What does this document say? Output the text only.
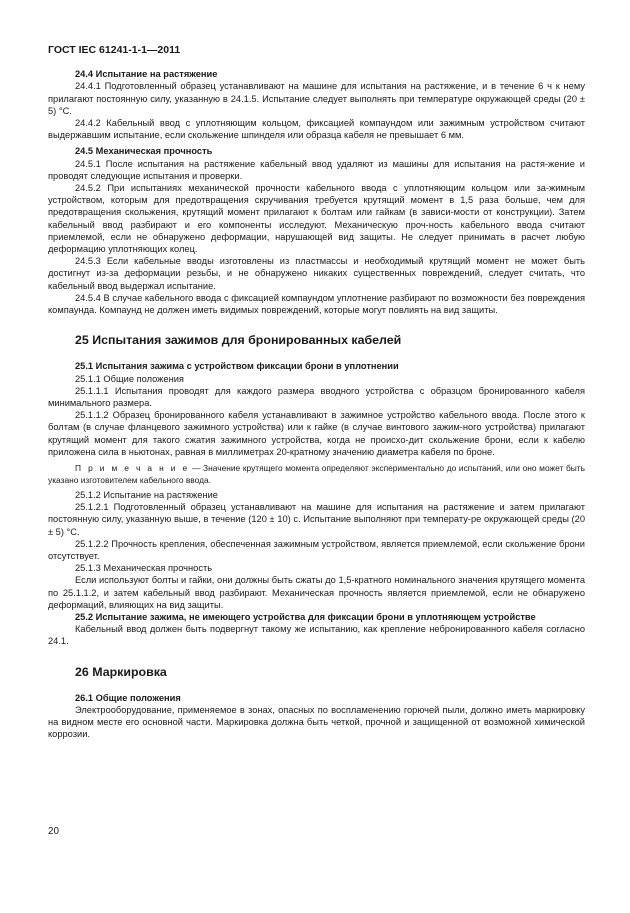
ГОСТ IEC 61241-1-1—2011

24.4 Испытание на растяжение

24.4.1 Подготовленный образец устанавливают на машине для испытания на растяжение, и в течение 6 ч к нему прилагают постоянную силу, указанную в 24.1.5. Испытание следует выполнять при температуре окружающей среды (20 ± 5) °С.

24.4.2 Кабельный ввод с уплотняющим кольцом, фиксацией компаундом или зажимным устройством считают выдержавшим испытание, если скольжение шпинделя или образца кабеля не превышает 6 мм.

24.5 Механическая прочность

24.5.1 После испытания на растяжение кабельный ввод удаляют из машины для испытания на растя-жение и проводят следующие испытания и проверки.

24.5.2 При испытаниях механической прочности кабельного ввода с уплотняющим кольцом или за-жимным устройством, которым для предотвращения скручивания требуется крутящий момент в 1,5 раза больше, чем для предотвращения скольжения, крутящий момент прилагают к болтам или гайкам (в зависи-мости от конструкции). Затем кабельный ввод разбирают и его компоненты исследуют. Механическую проч-ность кабельного ввода считают приемлемой, если не обнаружено деформации, нарушающей вид защиты. Не следует принимать в расчет любую деформацию уплотняющих колец.

24.5.3 Если кабельные вводы изготовлены из пластмассы и необходимый крутящий момент не может быть достигнут из-за деформации резьбы, и не обнаружено никаких существенных повреждений, следует считать, что кабельный ввод выдержал испытание.

24.5.4 В случае кабельного ввода с фиксацией компаундом уплотнение разбирают по возможности без повреждения компаунда. Компаунд не должен иметь видимых повреждений, которые могут повлиять на вид защиты.

25 Испытания зажимов для бронированных кабелей

25.1 Испытания зажима с устройством фиксации брони в уплотнении

25.1.1 Общие положения

25.1.1.1 Испытания проводят для каждого размера вводного устройства с образцом бронированного кабеля минимального размера.

25.1.1.2 Образец бронированного кабеля устанавливают в зажимное устройство кабельного ввода. После этого к болтам (в случае фланцевого зажимного устройства) или к гайке (в случае винтового зажим-ного устройства) прилагают крутящий момент для такого сжатия зажимного устройства, когда не происхо-дит скольжение брони, если к кабелю приложена сила в ньютонах, равная в миллиметрах 20-кратному значению диаметра кабеля по броне.

П р и м е ч а н и е — Значение крутящего момента определяют экспериментально до испытаний, или оно может быть указано изготовителем кабельного ввода.

25.1.2 Испытание на растяжение

25.1.2.1 Подготовленный образец устанавливают на машине для испытания на растяжение и затем прилагают постоянную силу, указанную выше, в течение (120 ± 10) с. Испытание выполняют при температу-ре окружающей среды (20 ± 5) °С.

25.1.2.2 Прочность крепления, обеспеченная зажимным устройством, является приемлемой, если скольжение брони отсутствует.

25.1.3 Механическая прочность

Если используют болты и гайки, они должны быть сжаты до 1,5-кратного номинального значения крутящего момента по 25.1.1.2, и затем кабельный ввод разбирают. Механическая прочность является приемлемой, если не обнаружено деформаций, влияющих на вид защиты.

25.2 Испытание зажима, не имеющего устройства для фиксации брони в уплотняющем устройстве

Кабельный ввод должен быть подвергнут такому же испытанию, как крепление небронированного кабеля согласно 24.1.

26 Маркировка

26.1 Общие положения

Электрооборудование, применяемое в зонах, опасных по воспламенению горючей пыли, должно иметь маркировку на видном месте его основной части. Маркировка должна быть четкой, прочной и защищенной от возможной химической коррозии.

20
